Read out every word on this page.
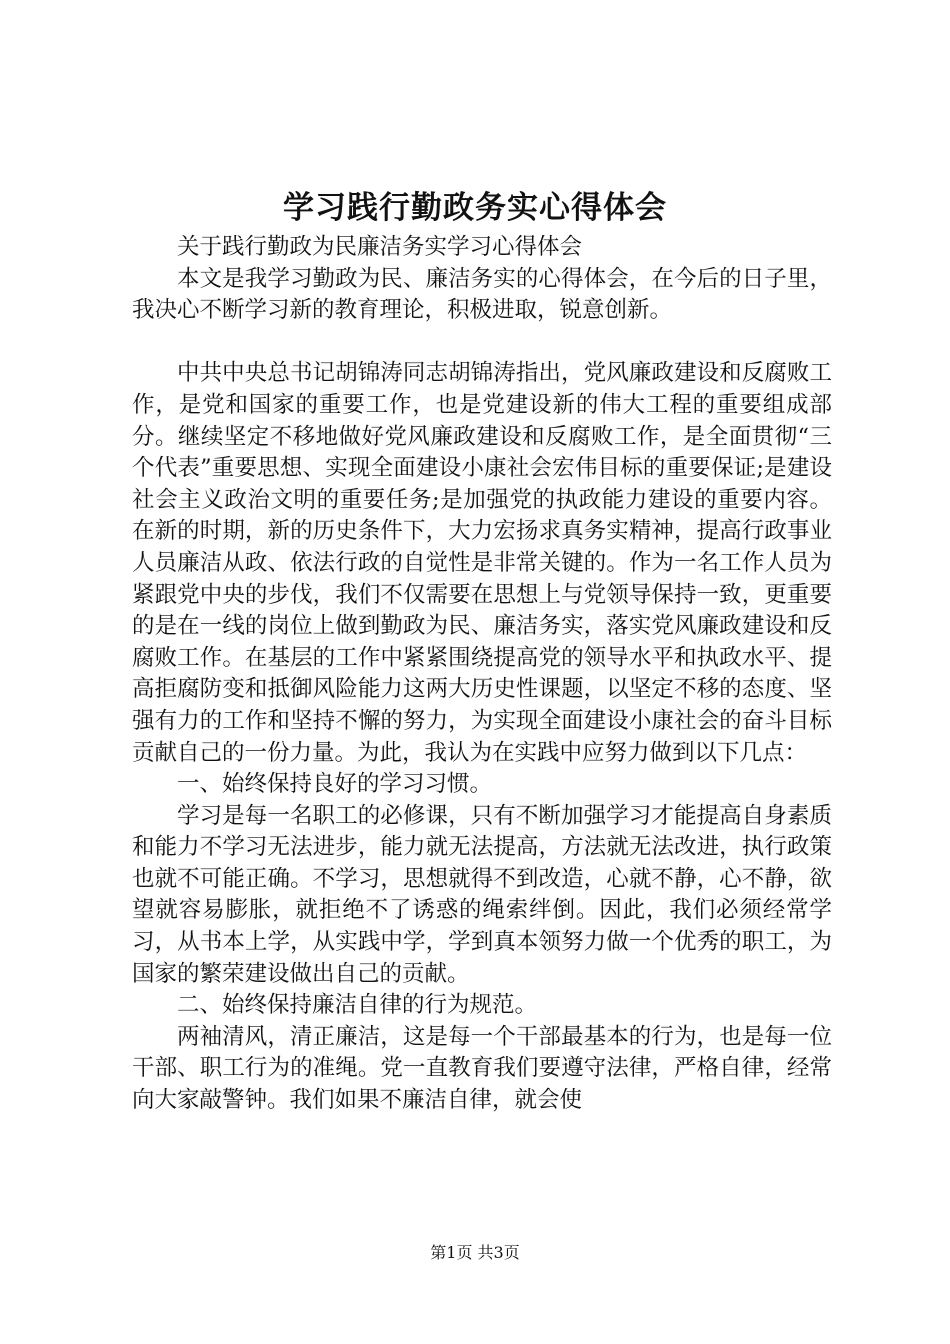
学习践行勤政务实心得体会

关于践行勤政为民廉洁务实学习心得体会

本文是我学习勤政为民、廉洁务实的心得体会，在今后的日子里，我决心不断学习新的教育理论，积极进取，锐意创新。

中共中央总书记胡锦涛同志胡锦涛指出，党风廉政建设和反腐败工作，是党和国家的重要工作，也是党建设新的伟大工程的重要组成部分。继续坚定不移地做好党风廉政建设和反腐败工作，是全面贯彻“三个代表”重要思想、实现全面建设小康社会宏伟目标的重要保证;是建设社会主义政治文明的重要任务;是加强党的执政能力建设的重要内容。在新的时期，新的历史条件下，大力宏扬求真务实精神，提高行政事业人员廉洁从政、依法行政的自觉性是非常关键的。作为一名工作人员为紧跟党中央的步伐，我们不仅需要在思想上与党领导保持一致，更重要的是在一线的岗位上做到勤政为民、廉洁务实，落实党风廉政建设和反腐败工作。在基层的工作中紧紧围绕提高党的领导水平和执政水平、提高拒腐防变和抵御风险能力这两大历史性课题，以坚定不移的态度、坚强有力的工作和坚持不懈的努力，为实现全面建设小康社会的奋斗目标贡献自己的一份力量。为此，我认为在实践中应努力做到以下几点：

一、始终保持良好的学习习惯。

学习是每一名职工的必修课，只有不断加强学习才能提高自身素质和能力不学习无法进步，能力就无法提高，方法就无法改进，执行政策也就不可能正确。不学习，思想就得不到改造，心就不静，心不静，欲望就容易膨胀，就拒绝不了诱惑的绳索绊倒。因此，我们必须经常学习，从书本上学，从实践中学，学到真本领努力做一个优秀的职工，为国家的繁荣建设做出自己的贡献。

二、始终保持廉洁自律的行为规范。

两袖清风，清正廉洁，这是每一个干部最基本的行为，也是每一位干部、职工行为的准绳。党一直教育我们要遵守法律，严格自律，经常向大家敲警钟。我们如果不廉洁自律，就会使

第1页 共3页
